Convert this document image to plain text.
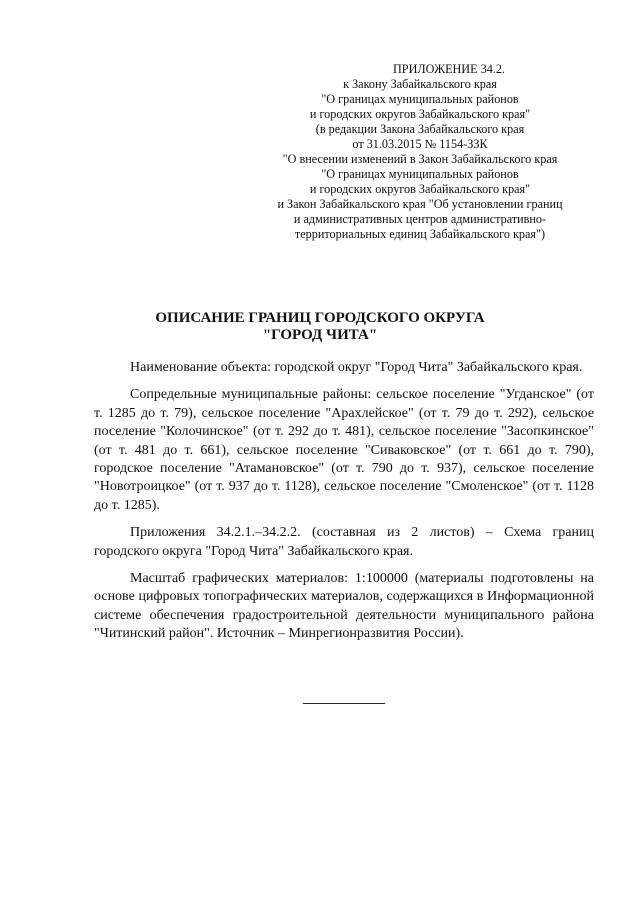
ПРИЛОЖЕНИЕ 34.2.
к Закону Забайкальского края
"О границах муниципальных районов
и городских округов Забайкальского края"
(в редакции Закона Забайкальского края
от 31.03.2015 № 1154-ЗЗК
"О внесении изменений в Закон Забайкальского края
"О границах муниципальных районов
и городских округов Забайкальского края"
и Закон Забайкальского края "Об установлении границ
и административных центров административно-
территориальных единиц Забайкальского края")
ОПИСАНИЕ ГРАНИЦ ГОРОДСКОГО ОКРУГА
"ГОРОД ЧИТА"

Наименование объекта: городской округ "Город Чита" Забайкальского края.

Сопредельные муниципальные районы: сельское поселение "Угданское" (от т. 1285 до т. 79), сельское поселение "Арахлейское" (от т. 79 до т. 292), сельское поселение "Колочинское" (от т. 292 до т. 481), сельское поселение "Засопкинское" (от т. 481 до т. 661), сельское поселение "Сиваковское" (от т. 661 до т. 790), городское поселение "Атамановское" (от т. 790 до т. 937), сельское поселение "Новотроицкое" (от т. 937 до т. 1128), сельское поселение "Смоленское" (от т. 1128 до т. 1285).

Приложения 34.2.1.–34.2.2. (составная из 2 листов) – Схема границ городского округа "Город Чита" Забайкальского края.

Масштаб графических материалов: 1:100000 (материалы подготовлены на основе цифровых топографических материалов, содержащихся в Информационной системе обеспечения градостроительной деятельности муниципального района "Читинский район". Источник – Минрегионразвития России).
